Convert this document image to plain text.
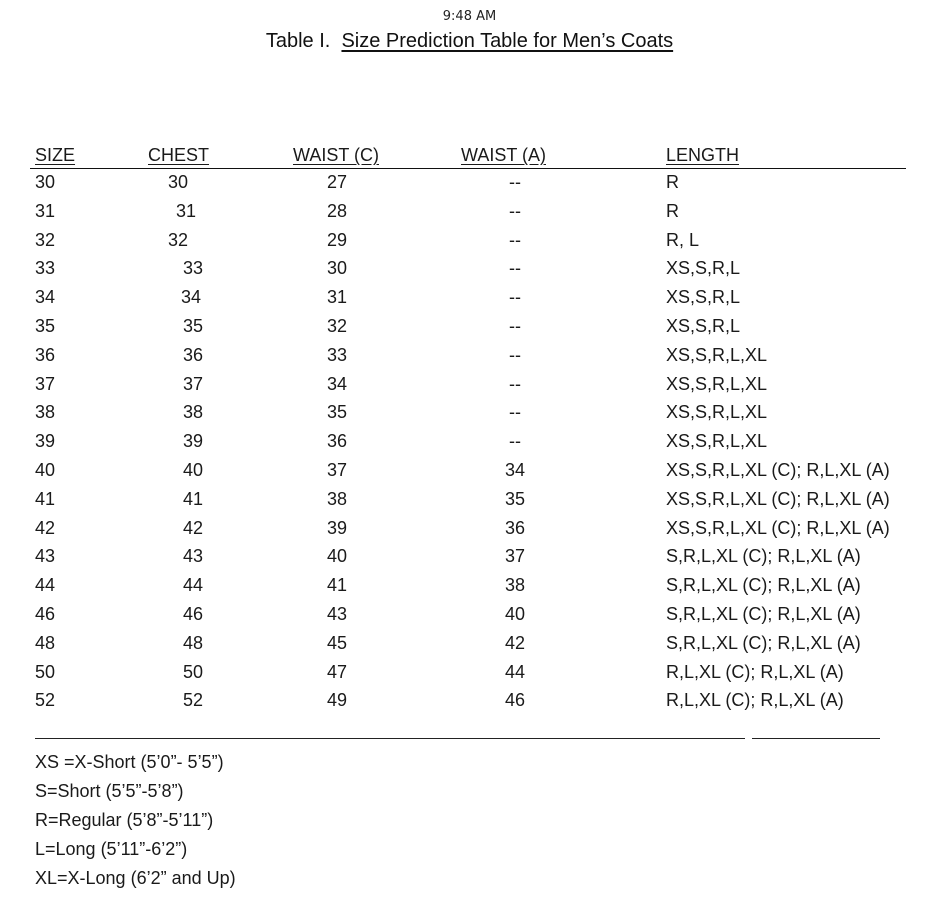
9:48 AM
Table I. Size Prediction Table for Men’s Coats
SIZE	CHEST	WAIST (C)	WAIST (A)	LENGTH
30	30	27	--	R
31	31	28	--	R
32	32	29	--	R, L
33	33	30	--	XS,S,R,L
34	34	31	--	XS,S,R,L
35	35	32	--	XS,S,R,L
36	36	33	--	XS,S,R,L,XL
37	37	34	--	XS,S,R,L,XL
38	38	35	--	XS,S,R,L,XL
39	39	36	--	XS,S,R,L,XL
40	40	37	34	XS,S,R,L,XL (C); R,L,XL (A)
41	41	38	35	XS,S,R,L,XL (C); R,L,XL (A)
42	42	39	36	XS,S,R,L,XL (C); R,L,XL (A)
43	43	40	37	S,R,L,XL (C); R,L,XL (A)
44	44	41	38	S,R,L,XL (C); R,L,XL (A)
46	46	43	40	S,R,L,XL (C); R,L,XL (A)
48	48	45	42	S,R,L,XL (C); R,L,XL (A)
50	50	47	44	R,L,XL (C); R,L,XL (A)
52	52	49	46	R,L,XL (C); R,L,XL (A)
XS =X-Short (5’0”- 5’5”)
S=Short (5’5”-5’8”)
R=Regular (5’8”-5’11”)
L=Long (5’11”-6’2”)
XL=X-Long (6’2” and Up)
